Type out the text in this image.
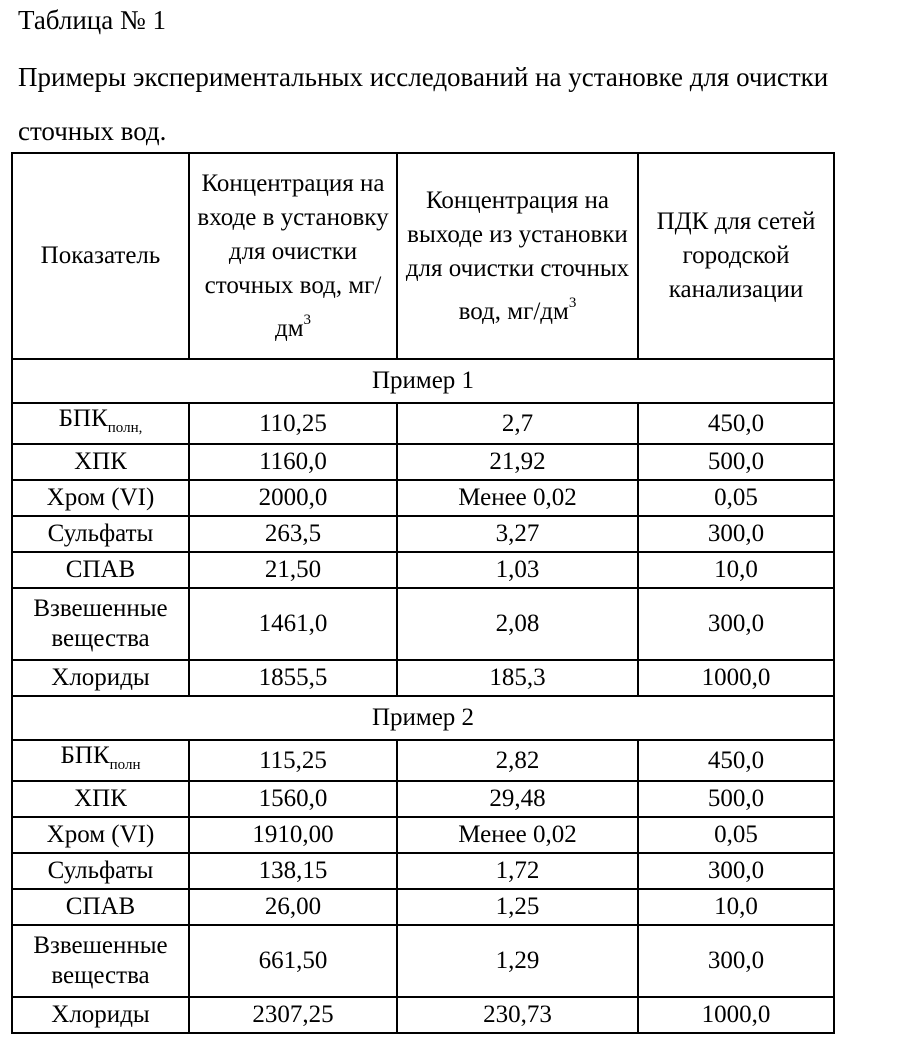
Таблица № 1
Примеры экспериментальных исследований на установке для очистки сточных вод.
Показатель	Концентрация на входе в установку для очистки сточных вод, $мг/дм^3$	Концентрация на выходе из установки для очистки сточных вод, $мг/дм^3$	ПДК для сетей городской канализации
Пример 1			
$БПК_{полн,}$	110,25	2,7	450,0
ХПК	1160,0	21,92	500,0
Хром (VI)	2000,0	Менее 0,02	0,05
Сульфаты	263,5	3,27	300,0
СПАВ	21,50	1,03	10,0
Взвешенные вещества	1461,0	2,08	300,0
Хлориды	1855,5	185,3	1000,0
Пример 2			
$БПК_{полн}$	115,25	2,82	450,0
ХПК	1560,0	29,48	500,0
Хром (VI)	1910,00	Менее 0,02	0,05
Сульфаты	138,15	1,72	300,0
СПАВ	26,00	1,25	10,0
Взвешенные вещества	661,50	1,29	300,0
Хлориды	2307,25	230,73	1000,0
